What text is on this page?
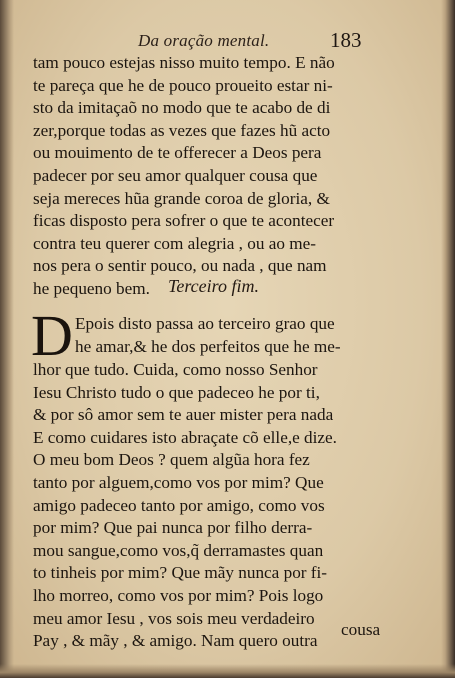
Da oração mental.	183
tam pouco estejas nisso muito tempo. E não
te pareça que he de pouco proueito estar ni-
sto da imitaçaõ no modo que te acabo de di
zer,porque todas as vezes que fazes hũ acto
ou mouimento de te offerecer a Deos pera
padecer por seu amor qualquer cousa que
seja mereces hũa grande coroa de gloria, &
ficas disposto pera sofrer o que te acontecer
contra teu querer com alegria , ou ao me-
nos pera o sentir pouco, ou nada , que nam
he pequeno bem.	Terceiro fim.
D Epois disto passa ao terceiro grao que
he amar,& he dos perfeitos que he me-
lhor que tudo. Cuida, como nosso Senhor
Iesu Christo tudo o que padeceo he por ti,
& por sô amor sem te auer mister pera nada
E como cuidares isto abraçate cõ elle,e dize.
O meu bom Deos ? quem algũa hora fez
tanto por alguem,como vos por mim? Que
amigo padeceo tanto por amigo, como vos
por mim? Que pai nunca por filho derra-
mou sangue,como vos,q̃ derramastes quan
to tinheis por mim? Que mãy nunca por fi-
lho morreo, como vos por mim? Pois logo
meu amor Iesu , vos sois meu verdadeiro
Pay , & mãy , & amigo. Nam quero outra
cousa
